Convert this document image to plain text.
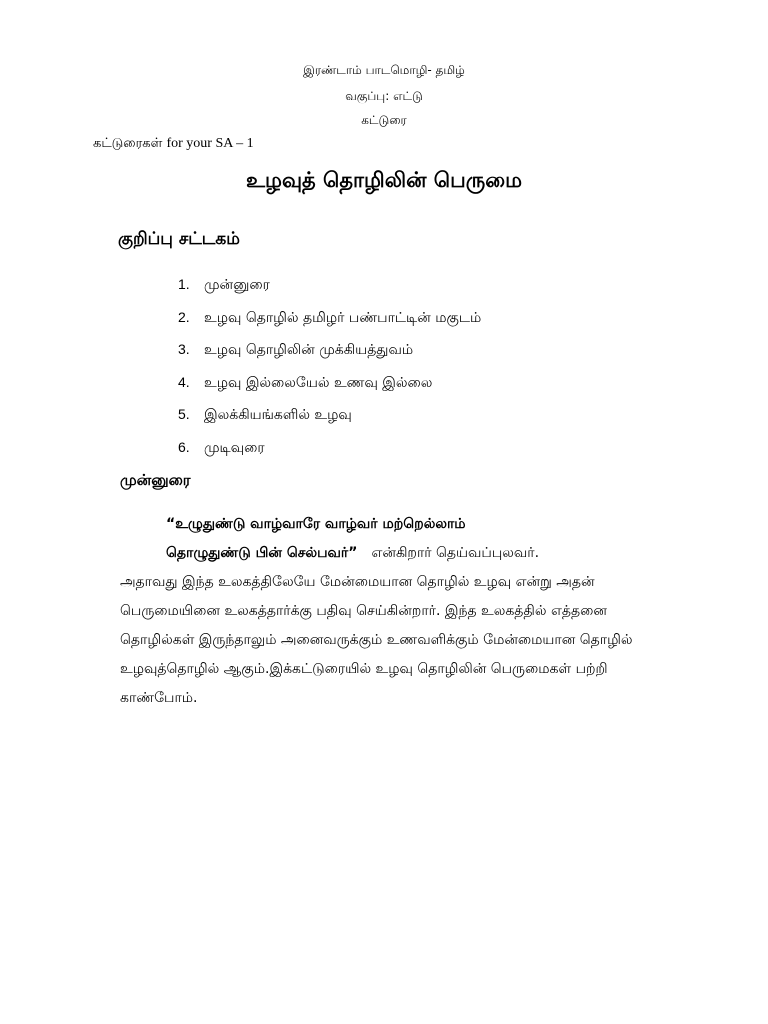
இரண்டாம் பாடமொழி- தமிழ்
வகுப்பு: எட்டு
கட்டுரை
கட்டுரைகள் for your SA – 1
உழவுத் தொழிலின் பெருமை
குறிப்பு சட்டகம்
1. முன்னுரை
2. உழவு தொழில் தமிழர் பண்பாட்டின் மகுடம்
3. உழவு தொழிலின் முக்கியத்துவம்
4. உழவு இல்லையேல் உணவு இல்லை
5. இலக்கியங்களில் உழவு
6. முடிவுரை
முன்னுரை
“உழுதுண்டு வாழ்வாரே வாழ்வர் மற்றெல்லாம்
தொழுதுண்டு பின் செல்பவர்” என்கிறார் தெய்வப்புலவர்.

அதாவது இந்த உலகத்திலேயே மேன்மையான தொழில் உழவு என்று அதன் பெருமையினை உலகத்தார்க்கு பதிவு செய்கின்றார். இந்த உலகத்தில் எத்தனை தொழில்கள் இருந்தாலும் அனைவருக்கும் உணவளிக்கும் மேன்மையான தொழில் உழவுத்தொழில் ஆகும்.இக்கட்டுரையில் உழவு தொழிலின் பெருமைகள் பற்றி காண்போம்.
